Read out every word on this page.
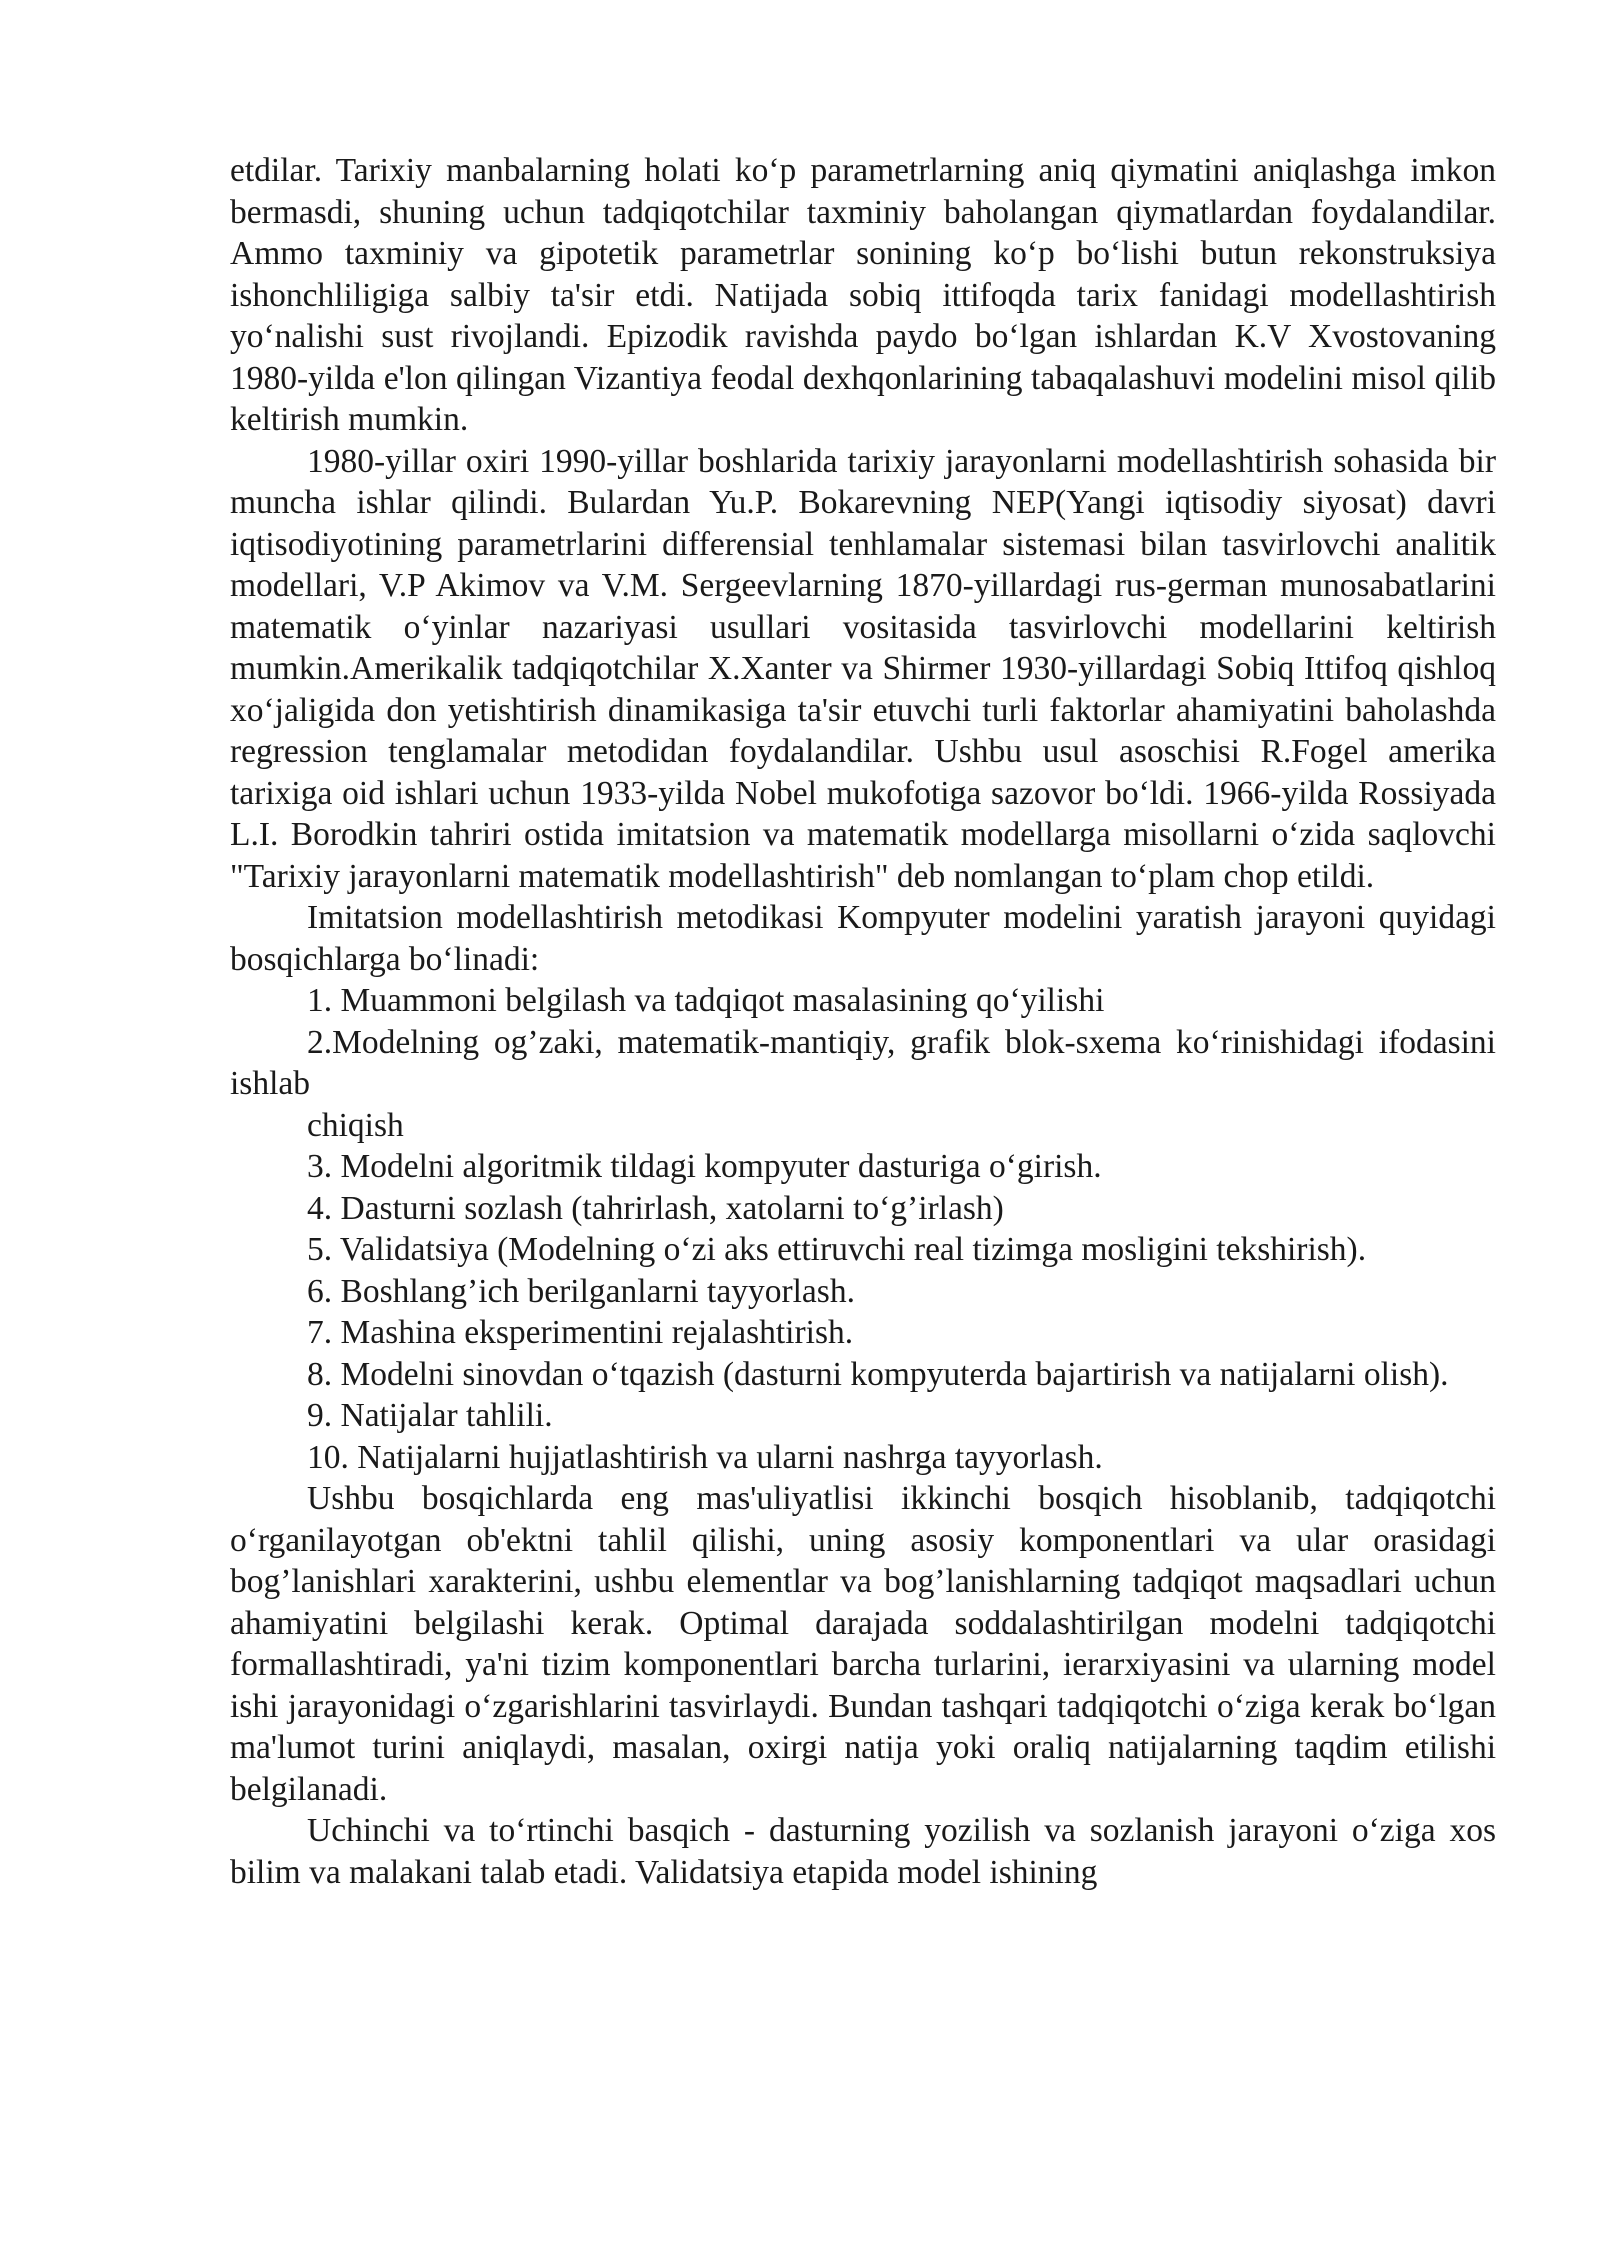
etdilar. Tarixiy manbalarning holati ko‘p parametrlarning aniq qiymatini aniqlashga imkon bermasdi, shuning uchun tadqiqotchilar taxminiy baholangan qiymatlardan foydalandilar. Ammo taxminiy va gipotetik parametrlar sonining ko‘p bo‘lishi butun rekonstruksiya ishonchliligiga salbiy ta'sir etdi. Natijada sobiq ittifoqda tarix fanidagi modellashtirish yo‘nalishi sust rivojlandi. Epizodik ravishda paydo bo‘lgan ishlardan K.V Xvostovaning 1980-yilda e'lon qilingan Vizantiya feodal dexhqonlarining tabaqalashuvi modelini misol qilib keltirish mumkin.

1980-yillar oxiri 1990-yillar boshlarida tarixiy jarayonlarni modellashtirish sohasida bir muncha ishlar qilindi. Bulardan Yu.P. Bokarevning NEP(Yangi iqtisodiy siyosat) davri iqtisodiyotining parametrlarini differensial tenhlamalar sistemasi bilan tasvirlovchi analitik modellari, V.P Akimov va V.M. Sergeevlarning 1870-yillardagi rus-german munosabatlarini matematik o‘yinlar nazariyasi usullari vositasida tasvirlovchi modellarini keltirish mumkin.Amerikalik tadqiqotchilar X.Xanter va Shirmer 1930-yillardagi Sobiq Ittifoq qishloq xo‘jaligida don yetishtirish dinamikasiga ta'sir etuvchi turli faktorlar ahamiyatini baholashda regression tenglamalar metodidan foydalandilar. Ushbu usul asoschisi R.Fogel amerika tarixiga oid ishlari uchun 1933-yilda Nobel mukofotiga sazovor bo‘ldi. 1966-yilda Rossiyada L.I. Borodkin tahriri ostida imitatsion va matematik modellarga misollarni o‘zida saqlovchi "Tarixiy jarayonlarni matematik modellashtirish" deb nomlangan to‘plam chop etildi.

Imitatsion modellashtirish metodikasi Kompyuter modelini yaratish jarayoni quyidagi bosqichlarga bo‘linadi:

1. Muammoni belgilash va tadqiqot masalasining qo‘yilishi

2.Modelning og’zaki, matematik-mantiqiy, grafik blok-sxema ko‘rinishidagi ifodasini ishlab

chiqish

3. Modelni algoritmik tildagi kompyuter dasturiga o‘girish.

4. Dasturni sozlash (tahrirlash, xatolarni to‘g’irlash)

5. Validatsiya (Modelning o‘zi aks ettiruvchi real tizimga mosligini tekshirish).

6. Boshlang’ich berilganlarni tayyorlash.

7. Mashina eksperimentini rejalashtirish.

8. Modelni sinovdan o‘tqazish (dasturni kompyuterda bajartirish va natijalarni olish).

9. Natijalar tahlili.

10. Natijalarni hujjatlashtirish va ularni nashrga tayyorlash.

Ushbu bosqichlarda eng mas'uliyatlisi ikkinchi bosqich hisoblanib, tadqiqotchi o‘rganilayotgan ob'ektni tahlil qilishi, uning asosiy komponentlari va ular orasidagi bog’lanishlari xarakterini, ushbu elementlar va bog’lanishlarning tadqiqot maqsadlari uchun ahamiyatini belgilashi kerak. Optimal darajada soddalashtirilgan modelni tadqiqotchi formallashtiradi, ya'ni tizim komponentlari barcha turlarini, ierarxiyasini va ularning model ishi jarayonidagi o‘zgarishlarini tasvirlaydi. Bundan tashqari tadqiqotchi o‘ziga kerak bo‘lgan ma'lumot turini aniqlaydi, masalan, oxirgi natija yoki oraliq natijalarning taqdim etilishi belgilanadi.

Uchinchi va to‘rtinchi basqich - dasturning yozilish va sozlanish jarayoni o‘ziga xos bilim va malakani talab etadi. Validatsiya etapida model ishining
